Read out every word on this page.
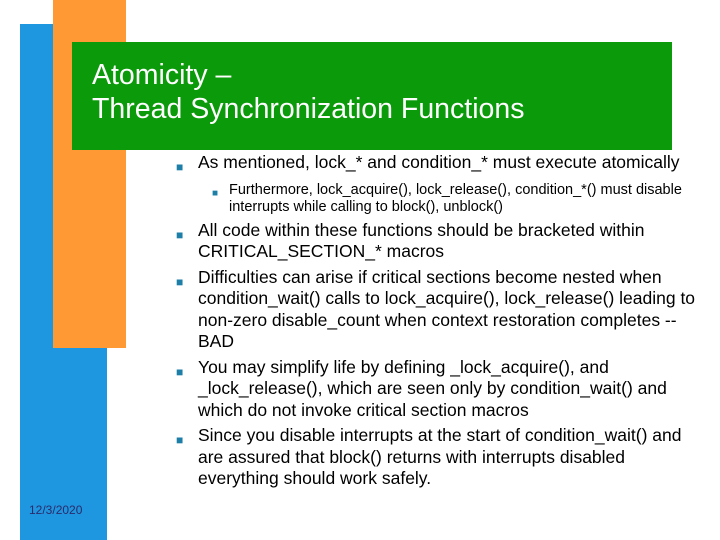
Atomicity –
Thread Synchronization Functions
■ As mentioned, lock_* and condition_* must execute atomically
■ Furthermore, lock_acquire(), lock_release(), condition_*() must disable interrupts while calling to block(), unblock()
■ All code within these functions should be bracketed within CRITICAL_SECTION_* macros
■ Difficulties can arise if critical sections become nested when condition_wait() calls to lock_acquire(), lock_release() leading to non-zero disable_count when context restoration completes -- BAD
■ You may simplify life by defining _lock_acquire(), and _lock_release(), which are seen only by condition_wait() and which do not invoke critical section macros
■ Since you disable interrupts at the start of condition_wait() and are assured that block() returns with interrupts disabled everything should work safely.
12/3/2020
